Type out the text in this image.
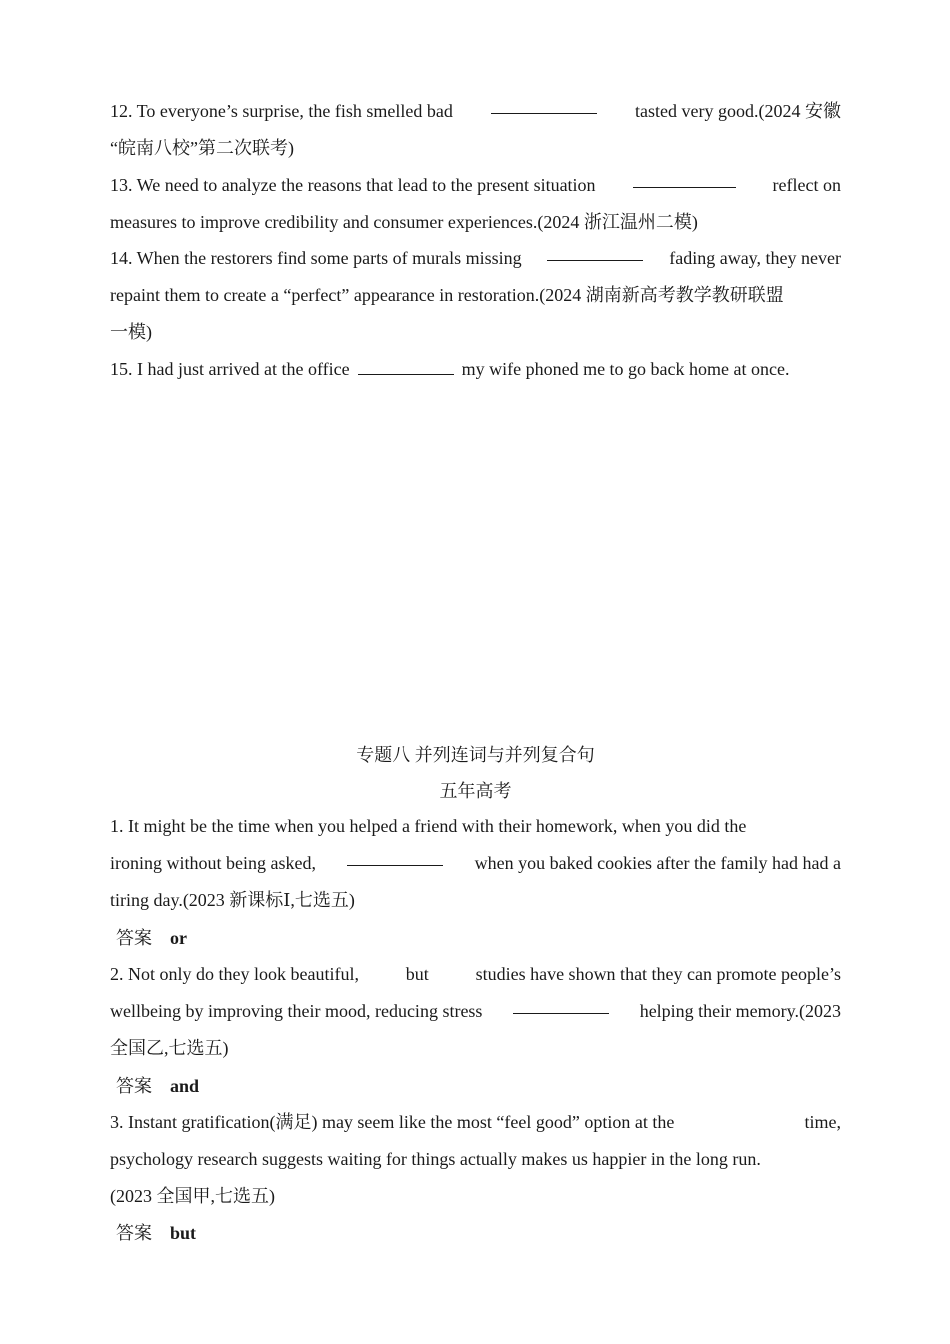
12. To everyone’s surprise, the fish smelled bad	tasted very good.(2024 安徽
“皖南八校”第二次联考)
13. We need to analyze the reasons that lead to the present situation	reflect on
measures to improve credibility and consumer experiences.(2024 浙江温州二模)
14. When the restorers find some parts of murals missing	fading away, they never
repaint them to create a “perfect” appearance in restoration.(2024 湖南新高考教学教研联盟
一模)
15. I had just arrived at the office	my wife phoned me to go back home at once.
专题八 并列连词与并列复合句
五年高考
1. It might be the time when you helped a friend with their homework, when you did the
ironing without being asked,	when you baked cookies after the family had had a
tiring day.(2023 新课标Ⅰ,七选五)
答案 or
2. Not only do they look beautiful,	but	studies have shown that they can promote people’s
wellbeing by improving their mood, reducing stress	helping their memory.(2023
全国乙,七选五)
答案 and
3. Instant gratification(满足) may seem like the most “feel good” option at the	time,
psychology research suggests waiting for things actually makes us happier in the long run.
(2023 全国甲,七选五)
答案 but
